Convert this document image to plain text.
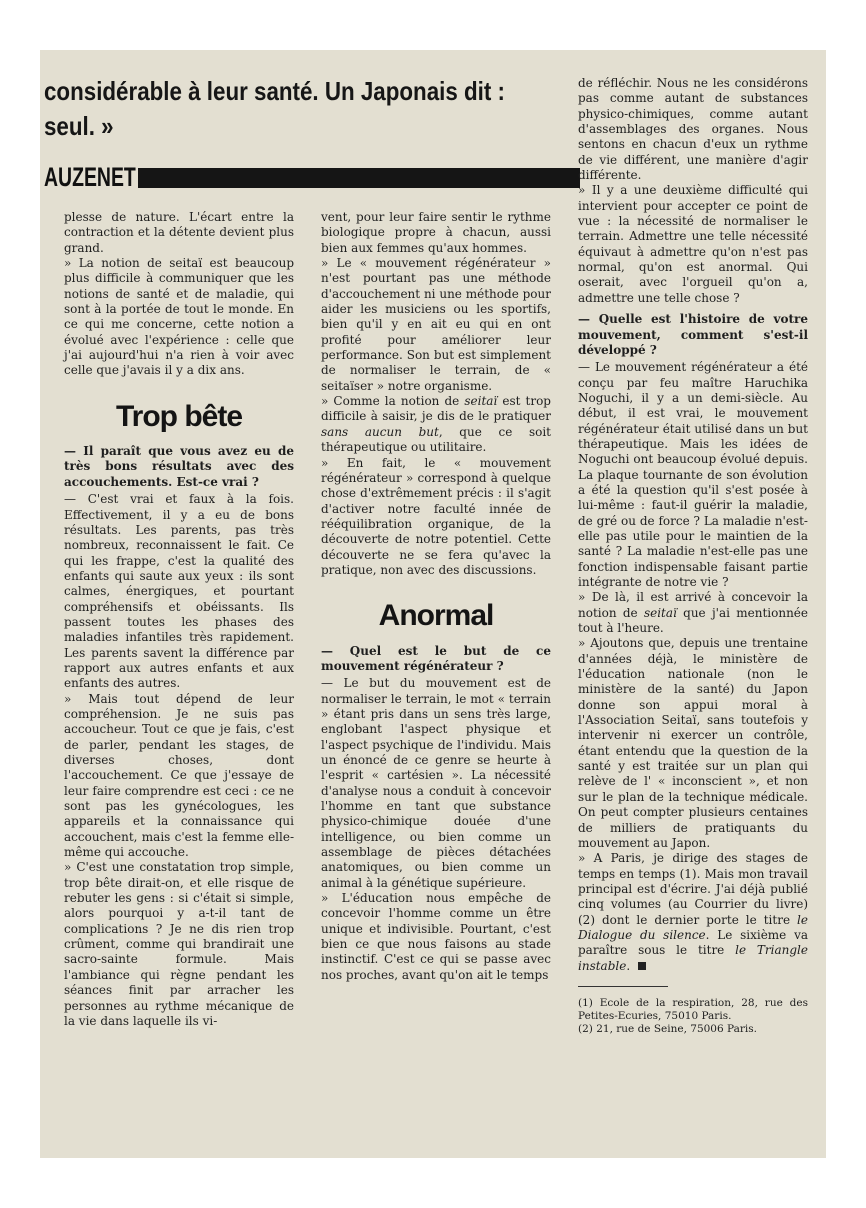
considérable à leur santé. Un Japonais dit :
seul. »
AUZENET

plesse de nature. L'écart entre la contraction et la détente devient plus grand.

» La notion de seitaï est beaucoup plus difficile à communiquer que les notions de santé et de maladie, qui sont à la portée de tout le monde. En ce qui me concerne, cette notion a évolué avec l'expérience : celle que j'ai aujourd'hui n'a rien à voir avec celle que j'avais il y a dix ans.

Trop bête

— Il paraît que vous avez eu de très bons résultats avec des accouchements. Est-ce vrai ?

— C'est vrai et faux à la fois. Effectivement, il y a eu de bons résultats. Les parents, pas très nombreux, reconnaissent le fait. Ce qui les frappe, c'est la qualité des enfants qui saute aux yeux : ils sont calmes, énergiques, et pourtant compréhensifs et obéissants. Ils passent toutes les phases des maladies infantiles très rapidement. Les parents savent la différence par rapport aux autres enfants et aux enfants des autres.

» Mais tout dépend de leur compréhension. Je ne suis pas accoucheur. Tout ce que je fais, c'est de parler, pendant les stages, de diverses choses, dont l'accouchement. Ce que j'essaye de leur faire comprendre est ceci : ce ne sont pas les gynécologues, les appareils et la connaissance qui accouchent, mais c'est la femme elle-même qui accouche.

» C'est une constatation trop simple, trop bête dirait-on, et elle risque de rebuter les gens : si c'était si simple, alors pourquoi y a-t-il tant de complications ? Je ne dis rien trop crûment, comme qui brandirait une sacro-sainte formule. Mais l'ambiance qui règne pendant les séances finit par arracher les personnes au rythme mécanique de la vie dans laquelle ils vi-

vent, pour leur faire sentir le rythme biologique propre à chacun, aussi bien aux femmes qu'aux hommes.

» Le « mouvement régénérateur » n'est pourtant pas une méthode d'accouchement ni une méthode pour aider les musiciens ou les sportifs, bien qu'il y en ait eu qui en ont profité pour améliorer leur performance. Son but est simplement de normaliser le terrain, de « seitaïser » notre organisme.

» Comme la notion de seitaï est trop difficile à saisir, je dis de le pratiquer sans aucun but, que ce soit thérapeutique ou utilitaire.

» En fait, le « mouvement régénérateur » correspond à quelque chose d'extrêmement précis : il s'agit d'activer notre faculté innée de rééquilibration organique, de la découverte de notre potentiel. Cette découverte ne se fera qu'avec la pratique, non avec des discussions.

Anormal

— Quel est le but de ce mouvement régénérateur ?

— Le but du mouvement est de normaliser le terrain, le mot « terrain » étant pris dans un sens très large, englobant l'aspect physique et l'aspect psychique de l'individu. Mais un énoncé de ce genre se heurte à l'esprit « cartésien ». La nécessité d'analyse nous a conduit à concevoir l'homme en tant que substance physico-chimique douée d'une intelligence, ou bien comme un assemblage de pièces détachées anatomiques, ou bien comme un animal à la génétique supérieure.

» L'éducation nous empêche de concevoir l'homme comme un être unique et indivisible. Pourtant, c'est bien ce que nous faisons au stade instinctif. C'est ce qui se passe avec nos proches, avant qu'on ait le temps

de réfléchir. Nous ne les considérons pas comme autant de substances physico-chimiques, comme autant d'assemblages des organes. Nous sentons en chacun d'eux un rythme de vie différent, une manière d'agir différente.

» Il y a une deuxième difficulté qui intervient pour accepter ce point de vue : la nécessité de normaliser le terrain. Admettre une telle nécessité équivaut à admettre qu'on n'est pas normal, qu'on est anormal. Qui oserait, avec l'orgueil qu'on a, admettre une telle chose ?

— Quelle est l'histoire de votre mouvement, comment s'est-il développé ?

— Le mouvement régénérateur a été conçu par feu maître Haruchika Noguchi, il y a un demi-siècle. Au début, il est vrai, le mouvement régénérateur était utilisé dans un but thérapeutique. Mais les idées de Noguchi ont beaucoup évolué depuis. La plaque tournante de son évolution a été la question qu'il s'est posée à lui-même : faut-il guérir la maladie, de gré ou de force ? La maladie n'est-elle pas utile pour le maintien de la santé ? La maladie n'est-elle pas une fonction indispensable faisant partie intégrante de notre vie ?

» De là, il est arrivé à concevoir la notion de seitaï que j'ai mentionnée tout à l'heure.

» Ajoutons que, depuis une trentaine d'années déjà, le ministère de l'éducation nationale (non le ministère de la santé) du Japon donne son appui moral à l'Association Seitaï, sans toutefois y intervenir ni exercer un contrôle, étant entendu que la question de la santé y est traitée sur un plan qui relève de l' « inconscient », et non sur le plan de la technique médicale. On peut compter plusieurs centaines de milliers de pratiquants du mouvement au Japon.

» A Paris, je dirige des stages de temps en temps (1). Mais mon travail principal est d'écrire. J'ai déjà publié cinq volumes (au Courrier du livre) (2) dont le dernier porte le titre le Dialogue du silence. Le sixième va paraître sous le titre le Triangle instable.

(1) Ecole de la respiration, 28, rue des Petites-Ecuries, 75010 Paris.
(2) 21, rue de Seine, 75006 Paris.
